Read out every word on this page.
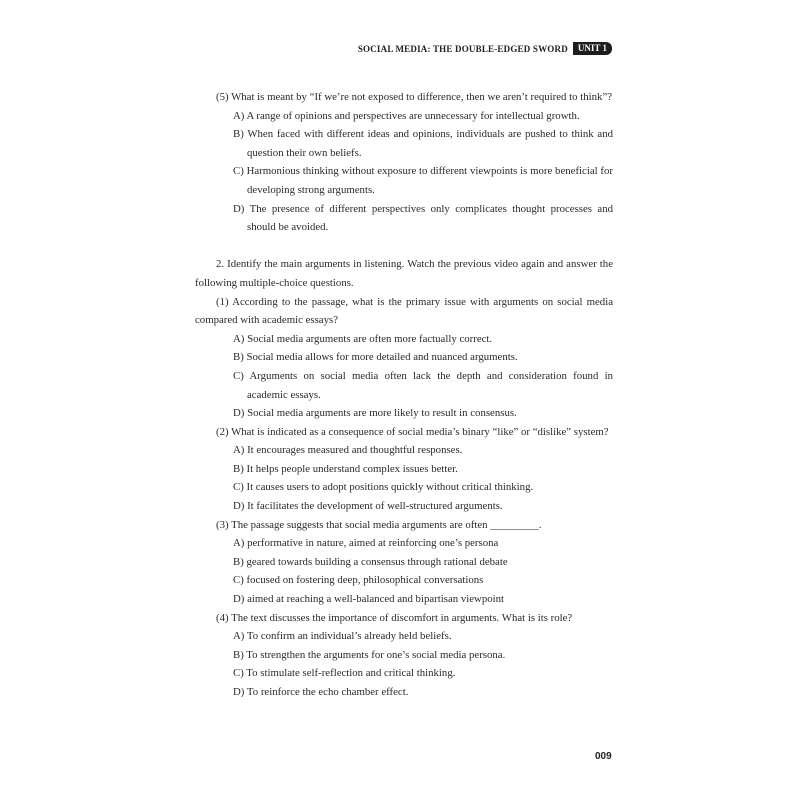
SOCIAL MEDIA: THE DOUBLE-EDGED SWORD	UNIT 1

(5) What is meant by “If we’re not exposed to difference, then we aren’t required to think”?

A) A range of opinions and perspectives are unnecessary for intellectual growth.

B) When faced with different ideas and opinions, individuals are pushed to think and question their own beliefs.

C) Harmonious thinking without exposure to different viewpoints is more beneficial for developing strong arguments.

D) The presence of different perspectives only complicates thought processes and should be avoided.

2. Identify the main arguments in listening. Watch the previous video again and answer the following multiple-choice questions.

(1) According to the passage, what is the primary issue with arguments on social media compared with academic essays?

A) Social media arguments are often more factually correct.

B) Social media allows for more detailed and nuanced arguments.

C) Arguments on social media often lack the depth and consideration found in academic essays.

D) Social media arguments are more likely to result in consensus.

(2) What is indicated as a consequence of social media’s binary “like” or “dislike” system?

A) It encourages measured and thoughtful responses.

B) It helps people understand complex issues better.

C) It causes users to adopt positions quickly without critical thinking.

D) It facilitates the development of well-structured arguments.

(3) The passage suggests that social media arguments are often _________.

A) performative in nature, aimed at reinforcing one’s persona

B) geared towards building a consensus through rational debate

C) focused on fostering deep, philosophical conversations

D) aimed at reaching a well-balanced and bipartisan viewpoint

(4) The text discusses the importance of discomfort in arguments. What is its role?

A) To confirm an individual’s already held beliefs.

B) To strengthen the arguments for one’s social media persona.

C) To stimulate self-reflection and critical thinking.

D) To reinforce the echo chamber effect.

009
